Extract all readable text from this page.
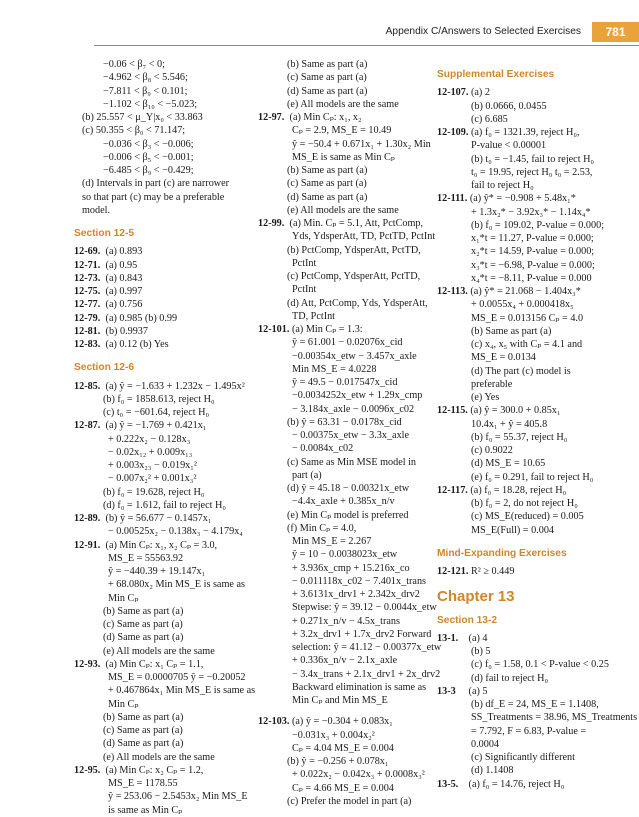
Appendix C/Answers to Selected Exercises	781
−0.06 < β₇ < 0;
−4.962 < β₈ < 5.546;
−7.811 < β₉ < 0.101;
−1.102 < β₁₀ < −5.023;
(b) 25.557 < μ_Y|x₀ < 33.863
(c) 50.355 < β₀ < 71.147;
−0.036 < β₃ < −0.006;
−0.006 < β₅ < −0.001;
−6.485 < β₉ < −0.429;
(d) Intervals in part (c) are narrower
so that part (c) may be a preferable
model.
Section 12-5
12-69. (a) 0.893
12-71. (a) 0.95
12-73. (a) 0.843
12-75. (a) 0.997
12-77. (a) 0.756
12-79. (a) 0.985 (b) 0.99
12-81. (b) 0.9937
12-83. (a) 0.12 (b) Yes
Section 12-6
12-85. (a) ŷ = −1.633 + 1.232x − 1.495x²
(b) f₀ = 1858.613, reject H₀
(c) t₀ = −601.64, reject H₀
12-87. (a) ŷ = −1.769 + 0.421x₁
+ 0.222x₂ − 0.128x₃
− 0.02x₁₂ + 0.009x₁₃
+ 0.003x₂₃ − 0.019x₁²
− 0.007x₂² + 0.001x₃²
(b) f₀ = 19.628, reject H₀
(d) f₀ = 1.612, fail to reject H₀
12-89. (b) ŷ = 56.677 − 0.1457x₁
− 0.00525x₂ − 0.138x₃ − 4.179x₄
12-91. (a) Min Cₚ: x₁, x₂ Cₚ = 3.0,
MS_E = 55563.92
ŷ = −440.39 + 19.147x₁
+ 68.080x₂ Min MS_E is same as
Min Cₚ
(b) Same as part (a)
(c) Same as part (a)
(d) Same as part (a)
(e) All models are the same
12-93. (a) Min Cₚ: x₁ Cₚ = 1.1,
MS_E = 0.0000705 ŷ = −0.20052
+ 0.467864x₁ Min MS_E is same as
Min Cₚ
(b) Same as part (a)
(c) Same as part (a)
(d) Same as part (a)
(e) All models are the same
12-95. (a) Min Cₚ: x₂ Cₚ = 1.2,
MS_E = 1178.55
ŷ = 253.06 − 2.5453x₂ Min MS_E
is same as Min Cₚ
(b) Same as part (a)
(c) Same as part (a)
(d) Same as part (a)
(e) All models are the same
12-97. (a) Min Cₚ: x₁, x₂
Cₚ = 2.9, MS_E = 10.49
ŷ = −50.4 + 0.671x₁ + 1.30x₂ Min
MS_E is same as Min Cₚ
(b) Same as part (a)
(c) Same as part (a)
(d) Same as part (a)
(e) All models are the same
12-99. (a) Min. Cₚ = 5.1, Att, PctComp,
Yds, YdsperAtt, TD, PctTD, PctInt
(b) PctComp, YdsperAtt, PctTD,
PctInt
(c) PctComp, YdsperAtt, PctTD,
PctInt
(d) Att, PctComp, Yds, YdsperAtt,
TD, PctInt
12-101. (a) Min Cₚ = 1.3:
ŷ = 61.001 − 0.02076x_cid
−0.00354x_etw − 3.457x_axle
Min MS_E = 4.0228
ŷ = 49.5 − 0.017547x_cid
−0.0034252x_etw + 1.29x_cmp
− 3.184x_axle − 0.0096x_c02
(b) ŷ = 63.31 − 0.0178x_cid
− 0.00375x_etw − 3.3x_axle
− 0.0084x_c02
(c) Same as Min MSE model in
part (a)
(d) ŷ = 45.18 − 0.00321x_etw
−4.4x_axle + 0.385x_n/v
(e) Min Cₚ model is preferred
(f) Min Cₚ = 4.0,
Min MS_E = 2.267
ŷ = 10 − 0.0038023x_etw
+ 3.936x_cmp + 15.216x_co
− 0.011118x_c02 − 7.401x_trans
+ 3.6131x_drv1 + 2.342x_drv2
Stepwise: ŷ = 39.12 − 0.0044x_etw
+ 0.271x_n/v − 4.5x_trans
+ 3.2x_drv1 + 1.7x_drv2 Forward
selection: ŷ = 41.12 − 0.00377x_etw
+ 0.336x_n/v − 2.1x_axle
− 3.4x_trans + 2.1x_drv1 + 2x_drv2
Backward elimination is same as
Min Cₚ and Min MS_E
12-103. (a) ŷ = −0.304 + 0.083x₁
−0.031x₃ + 0.004x₂²
Cₚ = 4.04 MS_E = 0.004
(b) ŷ = −0.256 + 0.078x₁
+ 0.022x₂ − 0.042x₃ + 0.0008x₃²
Cₚ = 4.66 MS_E = 0.004
(c) Prefer the model in part (a)
Supplemental Exercises
12-107. (a) 2
(b) 0.0666, 0.0455
(c) 6.685
12-109. (a) f₀ = 1321.39, reject H₀,
P-value < 0.00001
(b) t₀ = −1.45, fail to reject H₀
t₀ = 19.95, reject H₀ t₀ = 2.53,
fail to reject H₀
12-111. (a) ŷ* = −0.908 + 5.48x₁*
+ 1.3x₂* − 3.92x₃* − 1.14x₄*
(b) f₀ = 109.02, P-value = 0.000;
x₁*t = 11.27, P-value = 0.000;
x₂*t = 14.59, P-value = 0.000;
x₃*t = −6.98, P-value = 0.000;
x₄*t = −8.11, P-value = 0.000
12-113. (a) ŷ* = 21.068 − 1.404x₃*
+ 0.0055x₄ + 0.000418x₅
MS_E = 0.013156 Cₚ = 4.0
(b) Same as part (a)
(c) x₄, x₅ with Cₚ = 4.1 and
MS_E = 0.0134
(d) The part (c) model is
preferable
(e) Yes
12-115. (a) ŷ = 300.0 + 0.85x₁
10.4x₁ + ŷ = 405.8
(b) f₀ = 55.37, reject H₀
(c) 0.9022
(d) MS_E = 10.65
(e) f₀ = 0.291, fail to reject H₀
12-117. (a) f₀ = 18.28, reject H₀
(b) f₀ = 2, do not reject H₀
(c) MS_E(reduced) = 0.005
MS_E(Full) = 0.004
Mind-Expanding Exercises
12-121. R² ≥ 0.449
Chapter 13
Section 13-2
13-1. (a) 4
(b) 5
(c) f₀ = 1.58, 0.1 < P-value < 0.25
(d) fail to reject H₀
13-3 (a) 5
(b) df_E = 24, MS_E = 1.1408,
SS_Treatments = 38.96, MS_Treatments
= 7.792, F = 6.83, P-value =
0.0004
(c) Significantly different
(d) 1.1408
13-5. (a) f₀ = 14.76, reject H₀
